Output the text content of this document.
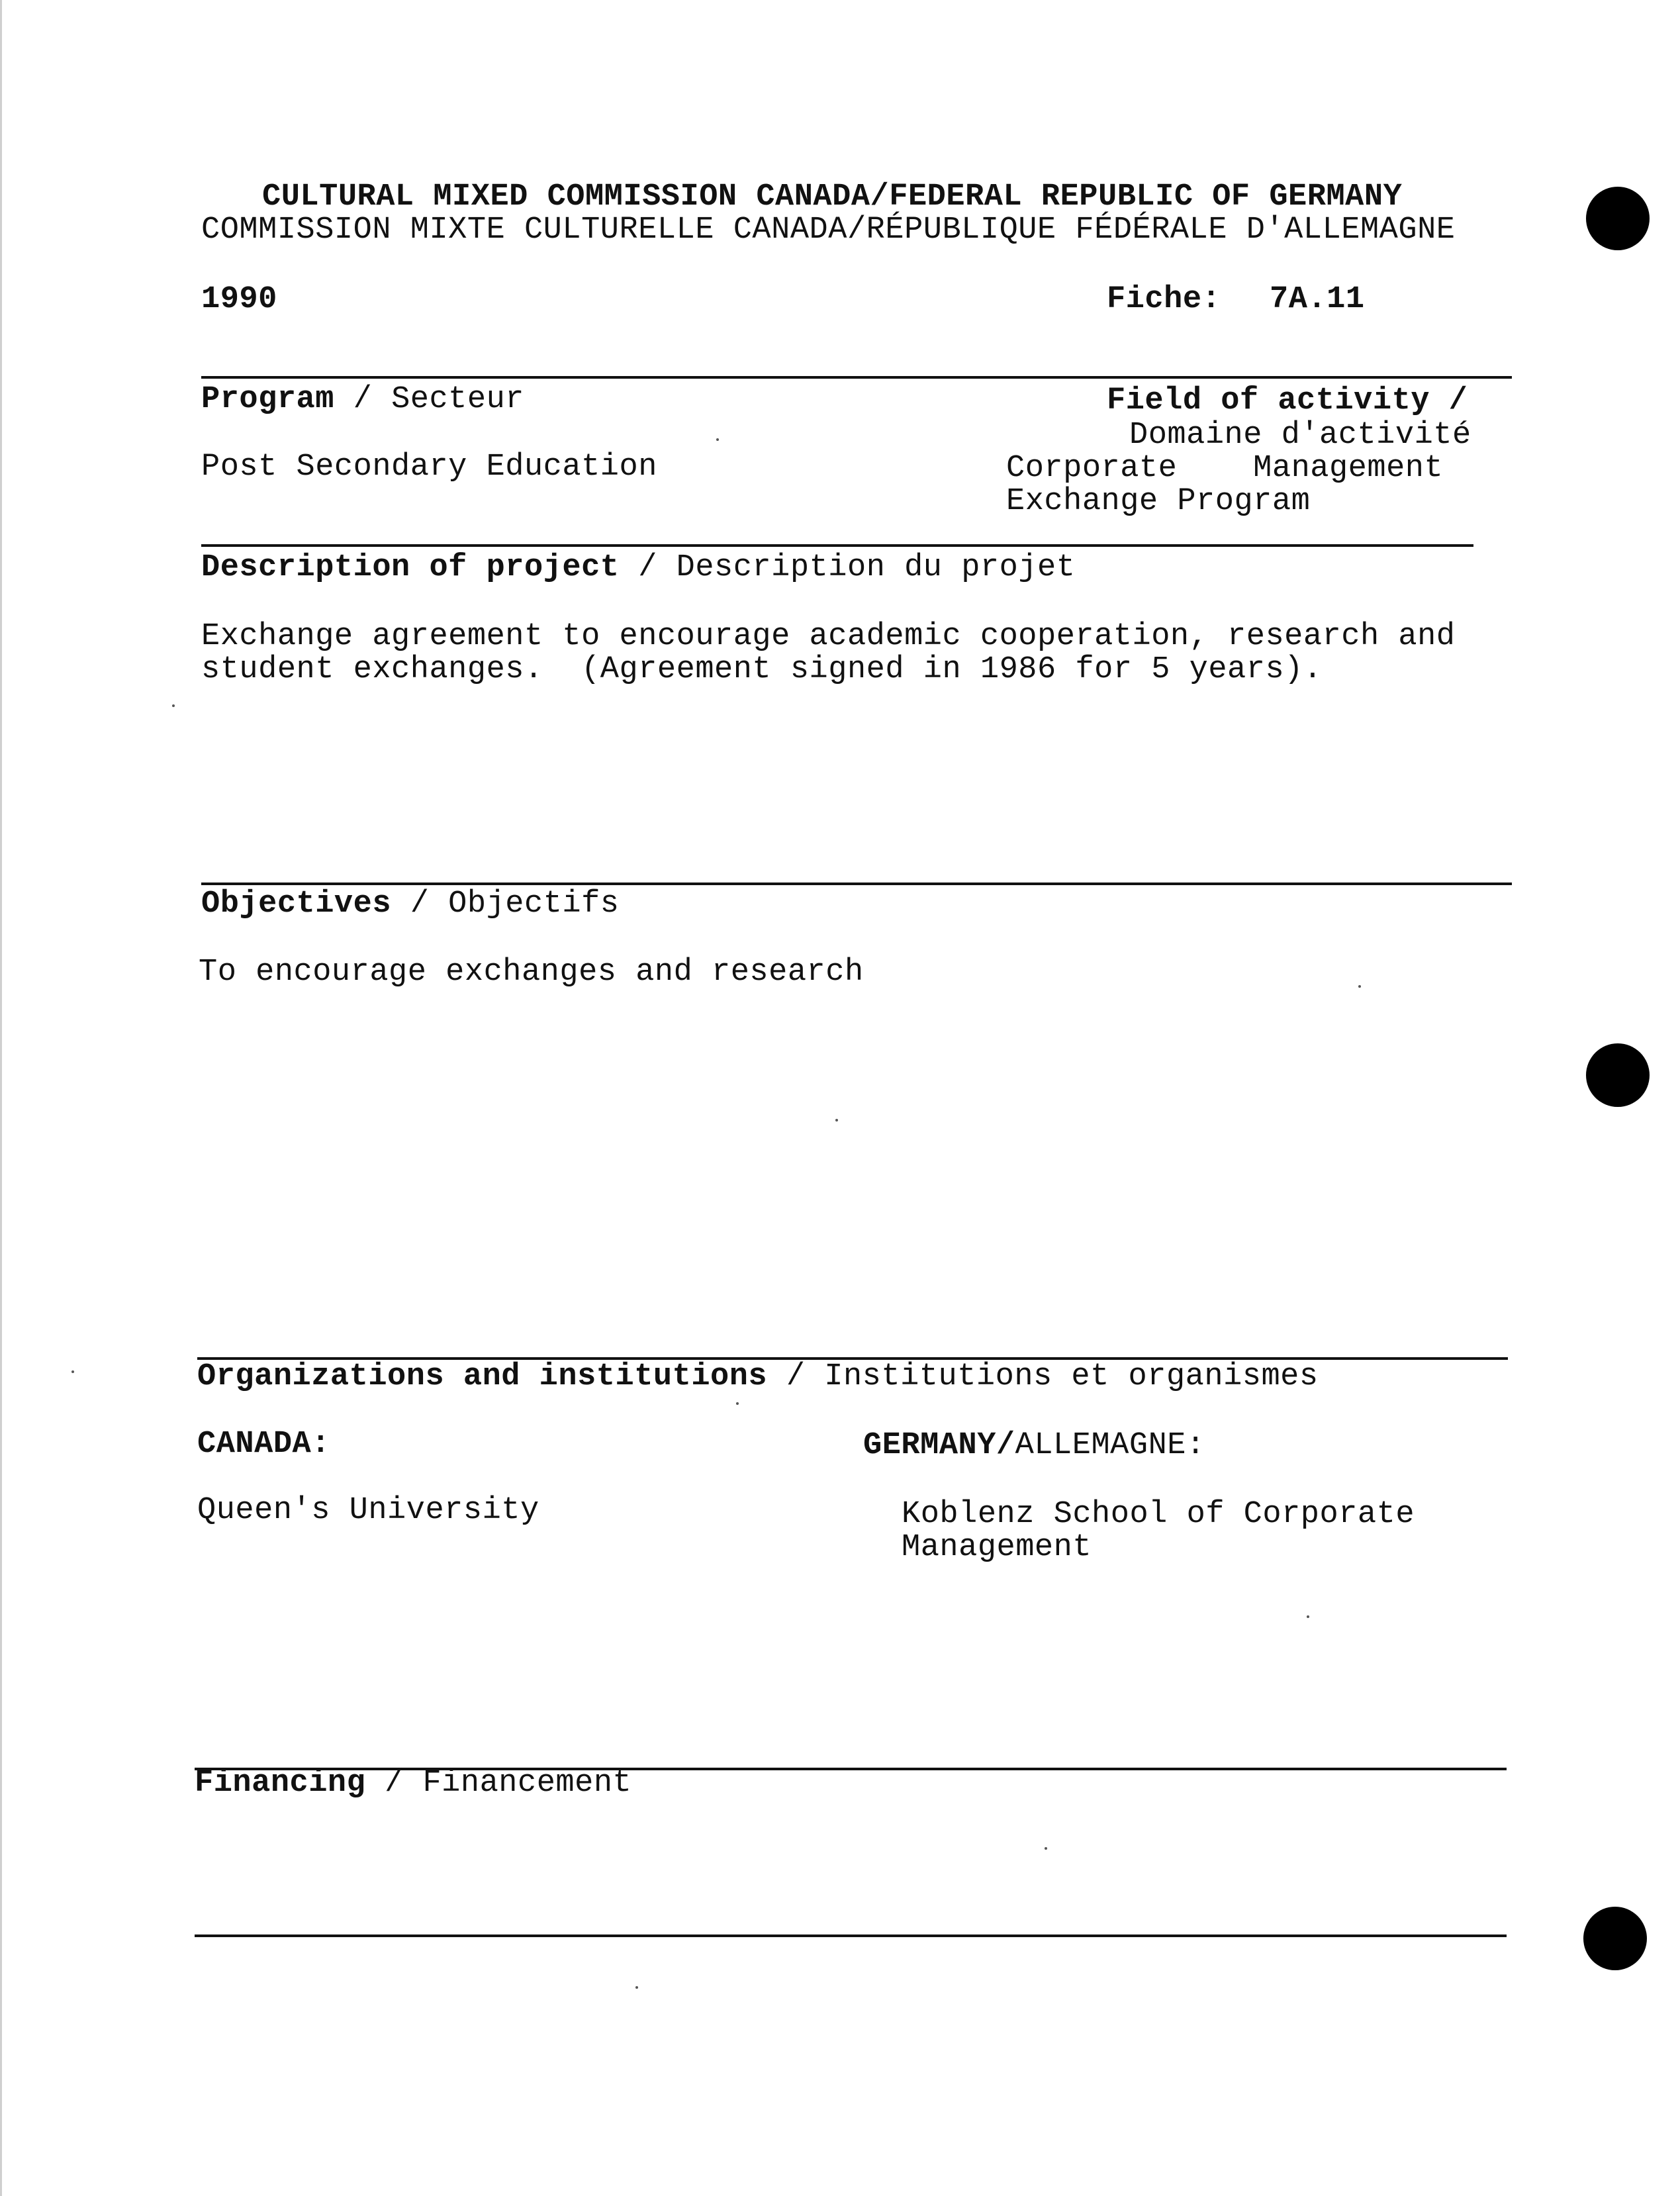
CULTURAL MIXED COMMISSION CANADA/FEDERAL REPUBLIC OF GERMANY
COMMISSION MIXTE CULTURELLE CANADA/RÉPUBLIQUE FÉDÉRALE D'ALLEMAGNE
1990	Fiche: 7A.11
Program / Secteur
Post Secondary Education
Field of activity /
Domaine d'activité
Corporate    Management
Exchange Program
Description of project / Description du projet
Exchange agreement to encourage academic cooperation, research and
student exchanges.  (Agreement signed in 1986 for 5 years).
Objectives / Objectifs
To encourage exchanges and research
Organizations and institutions / Institutions et organismes
CANADA:	GERMANY/ALLEMAGNE:
Queen's University	Koblenz School of Corporate
Management
Financing / Financement
